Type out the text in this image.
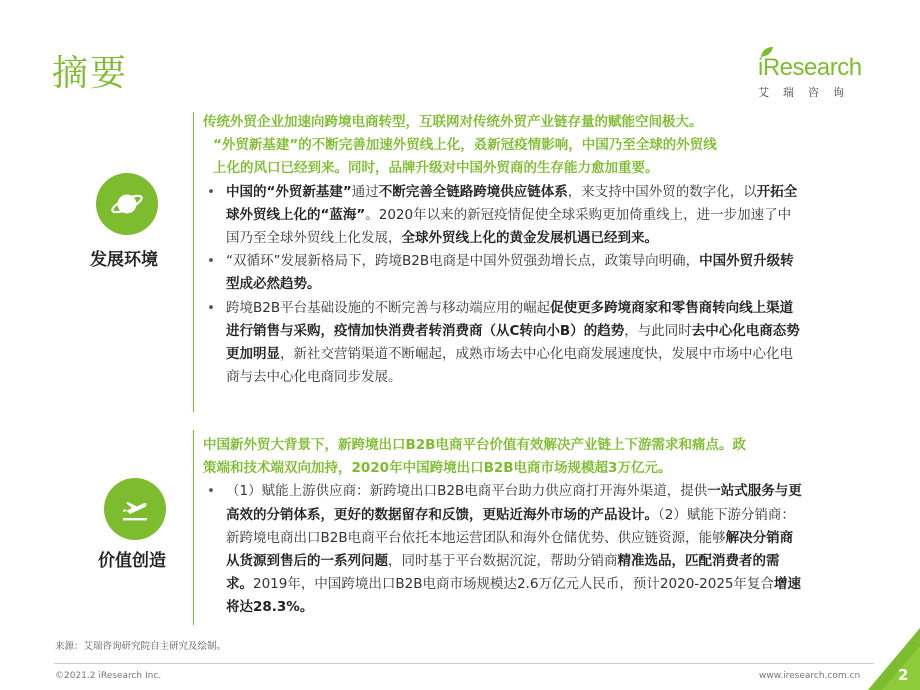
摘要	iResearch
艾瑞咨询
发展环境
价值创造
传统外贸企业加速向跨境电商转型，互联网对传统外贸产业链存量的赋能空间极大。
“外贸新基建”的不断完善加速外贸线上化，叒新冠疫情影响，中国乃至全球的外贸线
上化的风口已经到来。同时，品牌升级对中国外贸商的生存能力愈加重要。
• 中国的“外贸新基建”通过不断完善全链路跨境供应链体系，来支持中国外贸的数字化，以开拓全球外贸线上化的“蓝海”。2020年以来的新冠疫情促使全球采购更加倚重线上，进一步加速了中国乃至全球外贸线上化发展，全球外贸线上化的黄金发展机遇已经到来。
• “双循环”发展新格局下，跨境B2B电商是中国外贸强劲增长点，政策导向明确，中国外贸升级转型成必然趋势。
• 跨境B2B平台基础设施的不断完善与移动端应用的崛起促使更多跨境商家和零售商转向线上渠道进行销售与采购，疫情加快消费者转消费商（从C转向小B）的趋势，与此同时去中心化电商态势更加明显，新社交营销渠道不断崛起，成熟市场去中心化电商发展速度快，发展中市场中心化电商与去中心化电商同步发展。
中国新外贸大背景下，新跨境出口B2B电商平台价值有效解决产业链上下游需求和痛点。政
策端和技术端双向加持，2020年中国跨境出口B2B电商市场规模超3万亿元。
• （1）赋能上游供应商：新跨境出口B2B电商平台助力供应商打开海外渠道，提供一站式服务与更高效的分销体系，更好的数据留存和反馈，更贴近海外市场的产品设计。（2）赋能下游分销商：新跨境电商出口B2B电商平台依托本地运营团队和海外仓储优势、供应链资源，能够解决分销商从货源到售后的一系列问题，同时基于平台数据沉淀，帮助分销商精准选品，匹配消费者的需求。2019年，中国跨境出口B2B电商市场规模达2.6万亿元人民币，预计2020-2025年复合增速将达28.3%。
来源：艾瑞咨询研究院自主研究及绘制。
©2021.2 iResearch Inc.	www.iresearch.com.cn	2
